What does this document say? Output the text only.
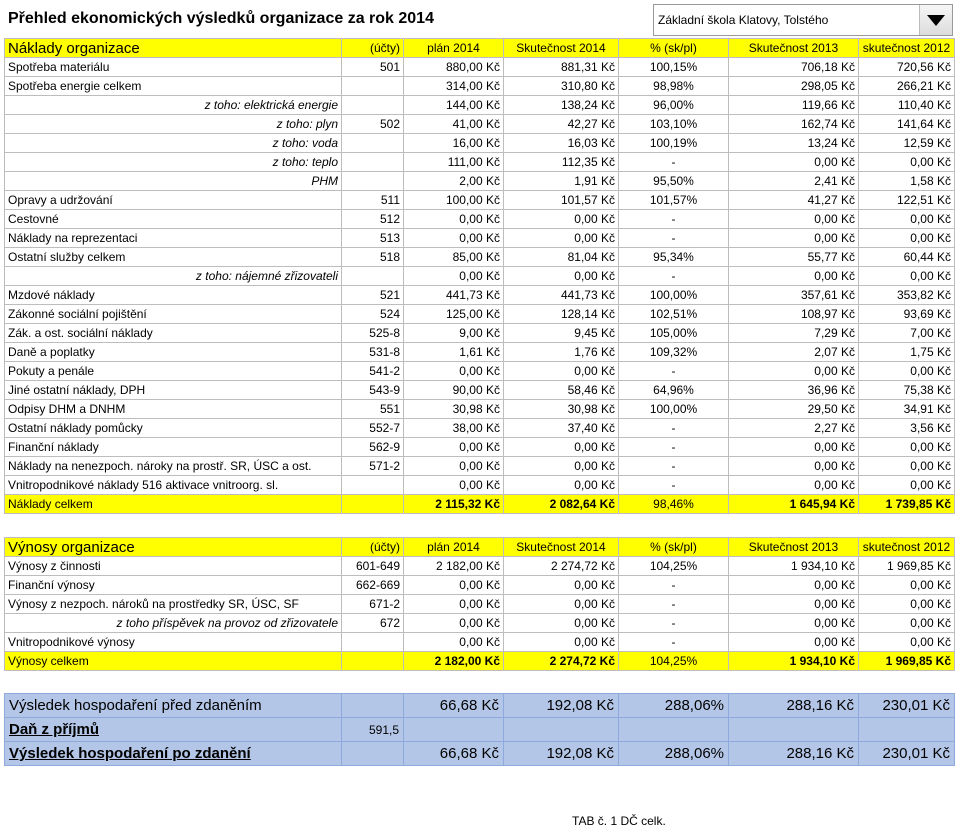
Přehled ekonomických výsledků organizace za rok 2014	Základní škola Klatovy, Tolstého
Náklady organizace	(účty)	plán 2014	Skutečnost 2014	% (sk/pl)	Skutečnost 2013	skutečnost 2012
Spotřeba materiálu	501	880,00 Kč	881,31 Kč	100,15%	706,18 Kč	720,56 Kč
Spotřeba energie celkem		314,00 Kč	310,80 Kč	98,98%	298,05 Kč	266,21 Kč
z toho: elektrická energie		144,00 Kč	138,24 Kč	96,00%	119,66 Kč	110,40 Kč
z toho: plyn	502	41,00 Kč	42,27 Kč	103,10%	162,74 Kč	141,64 Kč
z toho: voda		16,00 Kč	16,03 Kč	100,19%	13,24 Kč	12,59 Kč
z toho: teplo		111,00 Kč	112,35 Kč	-	0,00 Kč	0,00 Kč
PHM		2,00 Kč	1,91 Kč	95,50%	2,41 Kč	1,58 Kč
Opravy a udržování	511	100,00 Kč	101,57 Kč	101,57%	41,27 Kč	122,51 Kč
Cestovné	512	0,00 Kč	0,00 Kč	-	0,00 Kč	0,00 Kč
Náklady na reprezentaci	513	0,00 Kč	0,00 Kč	-	0,00 Kč	0,00 Kč
Ostatní služby celkem	518	85,00 Kč	81,04 Kč	95,34%	55,77 Kč	60,44 Kč
z toho: nájemné zřizovateli		0,00 Kč	0,00 Kč	-	0,00 Kč	0,00 Kč
Mzdové náklady	521	441,73 Kč	441,73 Kč	100,00%	357,61 Kč	353,82 Kč
Zákonné sociální pojištění	524	125,00 Kč	128,14 Kč	102,51%	108,97 Kč	93,69 Kč
Zák. a ost. sociální náklady	525-8	9,00 Kč	9,45 Kč	105,00%	7,29 Kč	7,00 Kč
Daně a poplatky	531-8	1,61 Kč	1,76 Kč	109,32%	2,07 Kč	1,75 Kč
Pokuty a penále	541-2	0,00 Kč	0,00 Kč	-	0,00 Kč	0,00 Kč
Jiné ostatní náklady, DPH	543-9	90,00 Kč	58,46 Kč	64,96%	36,96 Kč	75,38 Kč
Odpisy DHM a DNHM	551	30,98 Kč	30,98 Kč	100,00%	29,50 Kč	34,91 Kč
Ostatní náklady pomůcky	552-7	38,00 Kč	37,40 Kč	-	2,27 Kč	3,56 Kč
Finanční náklady	562-9	0,00 Kč	0,00 Kč	-	0,00 Kč	0,00 Kč
Náklady na nenezpoch. nároky na prostř. SR, ÚSC a ost.	571-2	0,00 Kč	0,00 Kč	-	0,00 Kč	0,00 Kč
Vnitropodnikové náklady 516 aktivace vnitroorg. sl.		0,00 Kč	0,00 Kč	-	0,00 Kč	0,00 Kč
Náklady celkem		2 115,32 Kč	2 082,64 Kč	98,46%	1 645,94 Kč	1 739,85 Kč
Výnosy organizace	(účty)	plán 2014	Skutečnost 2014	% (sk/pl)	Skutečnost 2013	skutečnost 2012
Výnosy z činnosti	601-649	2 182,00 Kč	2 274,72 Kč	104,25%	1 934,10 Kč	1 969,85 Kč
Finanční výnosy	662-669	0,00 Kč	0,00 Kč	-	0,00 Kč	0,00 Kč
Výnosy z nezpoch. nároků na prostředky SR, ÚSC, SF	671-2	0,00 Kč	0,00 Kč	-	0,00 Kč	0,00 Kč
z toho příspěvek na provoz od zřizovatele	672	0,00 Kč	0,00 Kč	-	0,00 Kč	0,00 Kč
Vnitropodnikové výnosy		0,00 Kč	0,00 Kč	-	0,00 Kč	0,00 Kč
Výnosy celkem		2 182,00 Kč	2 274,72 Kč	104,25%	1 934,10 Kč	1 969,85 Kč
Výsledek hospodaření před zdaněním		66,68 Kč	192,08 Kč	288,06%	288,16 Kč	230,01 Kč
Daň z příjmů	591,5					
Výsledek hospodaření po zdanění		66,68 Kč	192,08 Kč	288,06%	288,16 Kč	230,01 Kč
TAB č. 1 DČ celk.
